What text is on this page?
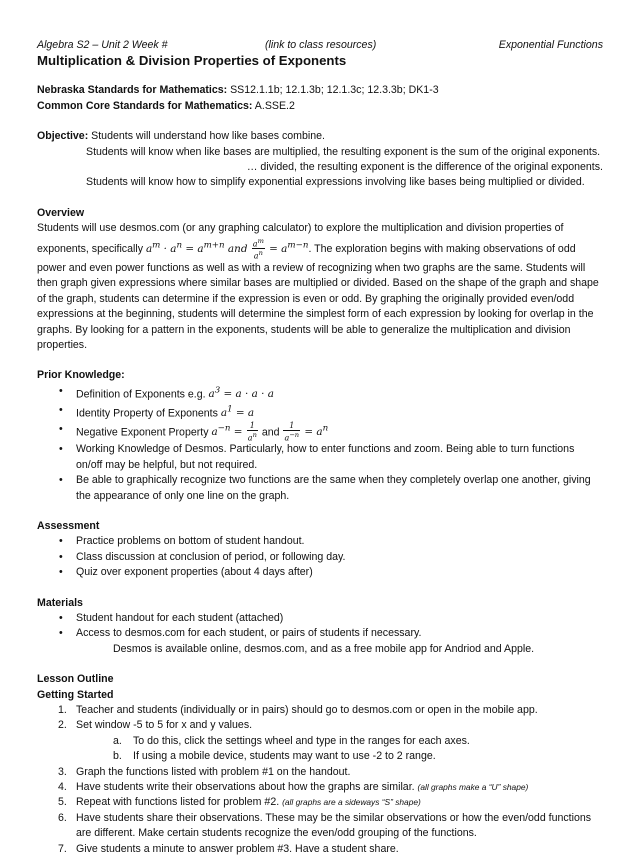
Algebra S2 – Unit 2 Week #	(link to class resources)	Exponential Functions
Multiplication & Division Properties of Exponents
Nebraska Standards for Mathematics: SS12.1.1b; 12.1.3b; 12.1.3c; 12.3.3b; DK1-3
Common Core Standards for Mathematics: A.SSE.2
Objective: Students will understand how like bases combine.
Students will know when like bases are multiplied, the resulting exponent is the sum of the original exponents.
… divided, the resulting exponent is the difference of the original exponents.
Students will know how to simplify exponential expressions involving like bases being multiplied or divided.
Overview
Students will use desmos.com (or any graphing calculator) to explore the multiplication and division properties of
exponents, specifically $a^m \cdot a^n = a^{m+n}$ and $\frac{a^m}{a^n} = a^{m-n}$. The exploration begins with making observations of odd power and even power functions as well as with a review of recognizing when two graphs are the same. Students will then graph given expressions where similar bases are multiplied or divided. Based on the shape of the graph and shape of the graph, students can determine if the expression is even or odd. By graphing the originally provided even/odd expressions at the beginning, students will determine the simplest form of each expression by looking for overlap in the graphs. By looking for a pattern in the exponents, students will be able to generalize the multiplication and division properties.
Prior Knowledge:
• Definition of Exponents e.g. $a^3 = a \cdot a \cdot a$
• Identity Property of Exponents $a^1 = a$
• Negative Exponent Property $a^{-n} = \frac{1}{a^n}$ and $\frac{1}{a^{-n}} = a^n$
• Working Knowledge of Desmos. Particularly, how to enter functions and zoom. Being able to turn functions on/off may be helpful, but not required.
• Be able to graphically recognize two functions are the same when they completely overlap one another, giving the appearance of only one line on the graph.
Assessment
• Practice problems on bottom of student handout.
• Class discussion at conclusion of period, or following day.
• Quiz over exponent properties (about 4 days after)
Materials
• Student handout for each student (attached)
• Access to desmos.com for each student, or pairs of students if necessary.
Desmos is available online, desmos.com, and as a free mobile app for Andriod and Apple.
Lesson Outline
Getting Started
1. Teacher and students (individually or in pairs) should go to desmos.com or open in the mobile app.
2. Set window -5 to 5 for x and y values.
a. To do this, click the settings wheel and type in the ranges for each axes.
b. If using a mobile device, students may want to use -2 to 2 range.
3. Graph the functions listed with problem #1 on the handout.
4. Have students write their observations about how the graphs are similar. (all graphs make a “U” shape)
5. Repeat with functions listed for problem #2. (all graphs are a sideways “S” shape)
6. Have students share their observations. These may be the similar observations or how the even/odd functions are different. Make certain students recognize the even/odd grouping of the functions.
7. Give students a minute to answer problem #3. Have a student share.
